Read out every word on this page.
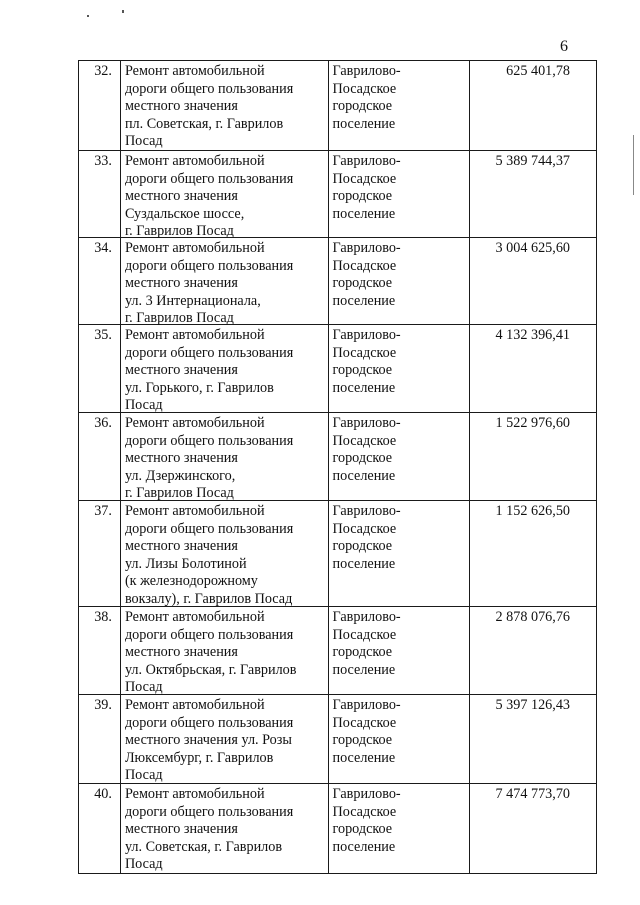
6
32. Ремонт автомобильной
дороги общего пользования
местного значения
пл. Советская, г. Гаврилов
Посад
Гаврилово-
Посадское
городское
поселение
625 401,78
33. Ремонт автомобильной
дороги общего пользования
местного значения
Суздальское шоссе,
г. Гаврилов Посад
Гаврилово-
Посадское
городское
поселение
5 389 744,37
34. Ремонт автомобильной
дороги общего пользования
местного значения
ул. 3 Интернационала,
г. Гаврилов Посад
Гаврилово-
Посадское
городское
поселение
3 004 625,60
35. Ремонт автомобильной
дороги общего пользования
местного значения
ул. Горького, г. Гаврилов
Посад
Гаврилово-
Посадское
городское
поселение
4 132 396,41
36. Ремонт автомобильной
дороги общего пользования
местного значения
ул. Дзержинского,
г. Гаврилов Посад
Гаврилово-
Посадское
городское
поселение
1 522 976,60
37. Ремонт автомобильной
дороги общего пользования
местного значения
ул. Лизы Болотиной
(к железнодорожному
вокзалу), г. Гаврилов Посад
Гаврилово-
Посадское
городское
поселение
1 152 626,50
38. Ремонт автомобильной
дороги общего пользования
местного значения
ул. Октябрьская, г. Гаврилов
Посад
Гаврилово-
Посадское
городское
поселение
2 878 076,76
39. Ремонт автомобильной
дороги общего пользования
местного значения ул. Розы
Люксембург, г. Гаврилов
Посад
Гаврилово-
Посадское
городское
поселение
5 397 126,43
40. Ремонт автомобильной
дороги общего пользования
местного значения
ул. Советская, г. Гаврилов
Посад
Гаврилово-
Посадское
городское
поселение
7 474 773,70
